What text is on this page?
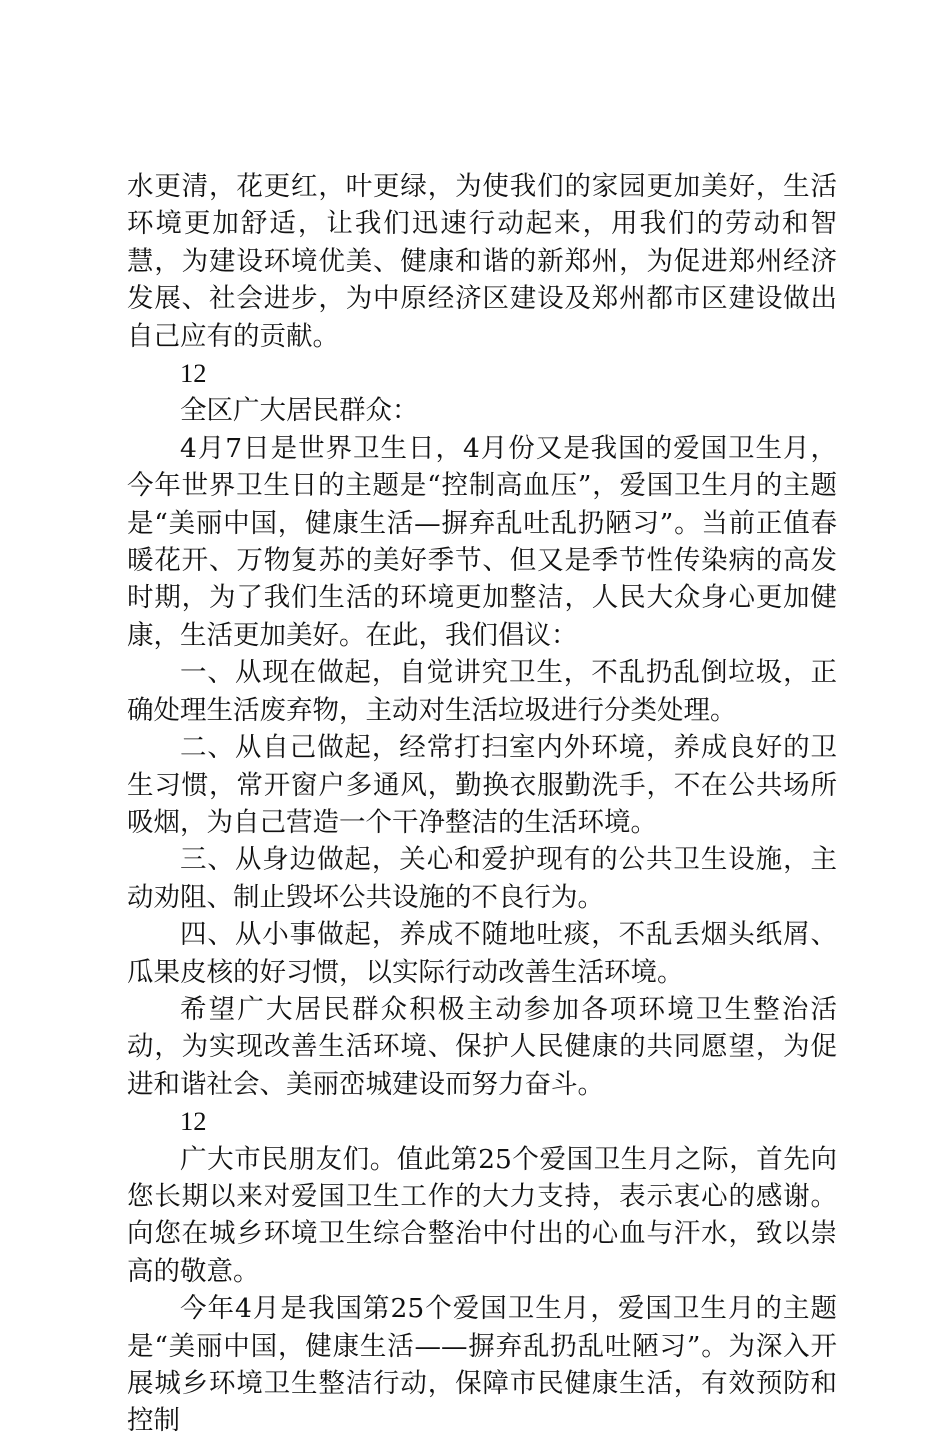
水更清，花更红，叶更绿，为使我们的家园更加美好，生活环境更加舒适，让我们迅速行动起来，用我们的劳动和智慧，为建设环境优美、健康和谐的新郑州，为促进郑州经济发展、社会进步，为中原经济区建设及郑州都市区建设做出自己应有的贡献。

12

全区广大居民群众：

4月7日是世界卫生日，4月份又是我国的爱国卫生月，今年世界卫生日的主题是“控制高血压”，爱国卫生月的主题是“美丽中国，健康生活—摒弃乱吐乱扔陋习”。当前正值春暖花开、万物复苏的美好季节、但又是季节性传染病的高发时期，为了我们生活的环境更加整洁，人民大众身心更加健康，生活更加美好。在此，我们倡议：

一、从现在做起，自觉讲究卫生，不乱扔乱倒垃圾，正确处理生活废弃物，主动对生活垃圾进行分类处理。

二、从自己做起，经常打扫室内外环境，养成良好的卫生习惯，常开窗户多通风，勤换衣服勤洗手，不在公共场所吸烟，为自己营造一个干净整洁的生活环境。

三、从身边做起，关心和爱护现有的公共卫生设施，主动劝阻、制止毁坏公共设施的不良行为。

四、从小事做起，养成不随地吐痰，不乱丢烟头纸屑、瓜果皮核的好习惯，以实际行动改善生活环境。

希望广大居民群众积极主动参加各项环境卫生整治活动，为实现改善生活环境、保护人民健康的共同愿望，为促进和谐社会、美丽峦城建设而努力奋斗。

12

广大市民朋友们。值此第25个爱国卫生月之际，首先向您长期以来对爱国卫生工作的大力支持，表示衷心的感谢。向您在城乡环境卫生综合整治中付出的心血与汗水，致以崇高的敬意。

今年4月是我国第25个爱国卫生月，爱国卫生月的主题是“美丽中国，健康生活——摒弃乱扔乱吐陋习”。为深入开展城乡环境卫生整洁行动，保障市民健康生活，有效预防和控制
